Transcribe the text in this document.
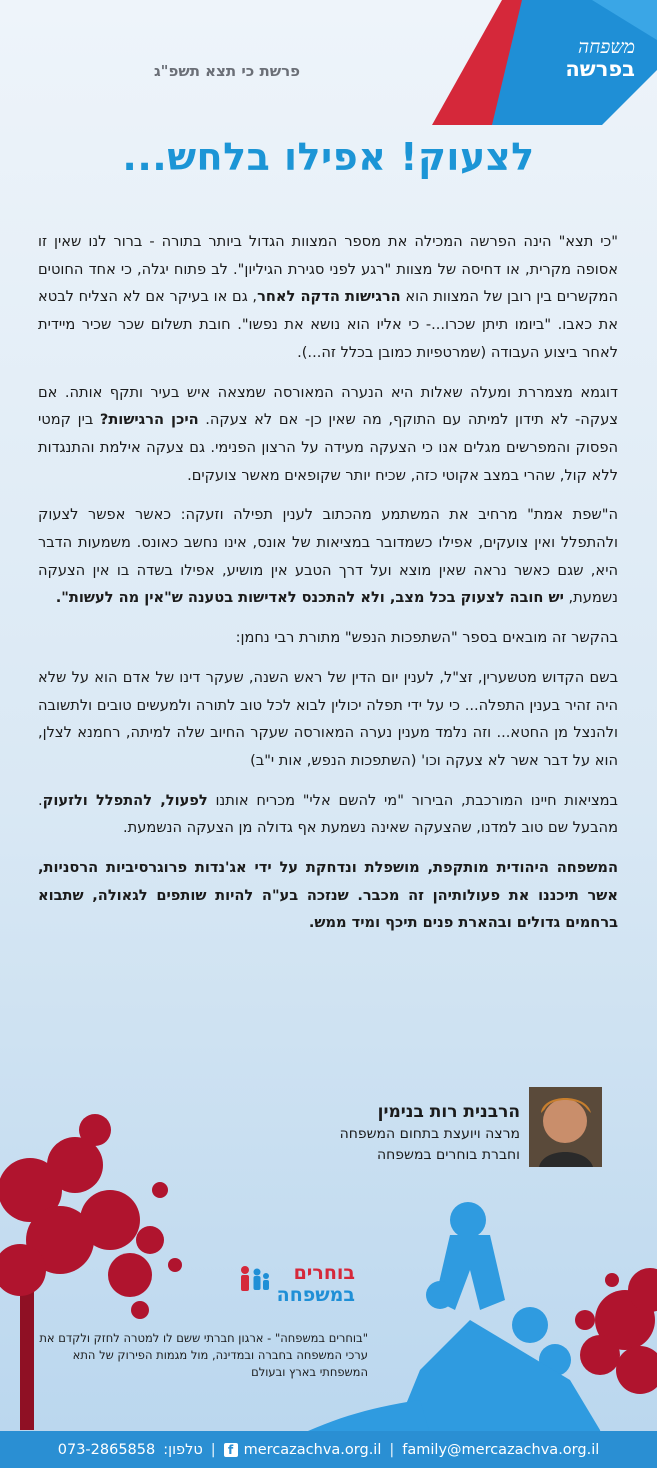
משפחה
בפרשה
פרשת כי תצא תשפ"ג
לצעוק! אפילו בלחש...

"כי תצא" הינה הפרשה המכילה את מספר המצוות הגדול ביותר בתורה - ברור לנו שאין זו אסופה מקרית, או דחיסה של מצוות "רגע לפני סגירת הגיליון". לב פתוח יגלה, כי אחד החוטים המקשרים בין רובן של המצוות הוא הרגישות הדקה לאחר, גם או בעיקר אם לא הצליח לבטא את כאבו. "ביומו תיתן שכרו...- כי אליו הוא נושא את נפשו". חובת תשלום שכר שכיר מיידית לאחר ביצוע העבודה (שמרטפיות כמובן בכלל זה...).

דוגמא מצמררת ומעלה שאלות היא הנערה המאורסה שמצאה איש בעיר ותקף אותה. אם צעקה- לא תידון למיתה עם התוקף, מה שאין כן- אם לא צעקה. היכן הרגישות? בין קמטי הפסוק והמפרשים מגלים אנו כי הצעקה מעידה על הרצון הפנימי. גם צעקה אילמת והתנגדות ללא קול, שהרי במצב אקוטי כזה, שכיח יותר שקופאים מאשר צועקים.

ה"שפת אמת" מרחיב את המשתמע מהכתוב לענין תפילה וזעקה: כאשר אפשר לצעוק ולהתפלל ואין צועקים, אפילו כשמדובר במציאות של אונס, אינו נחשב כאונס. משמעות הדבר היא, שגם כאשר נראה שאין מוצא ועל דרך הטבע אין מושיע, אפילו בשדה בו אין הצעקה נשמעת, יש חובה לצעוק בכל מצב, ולא להתכנס לאדישות בטענה ש"אין מה לעשות".

בהקשר זה מובאים בספר "השתפכות הנפש" מתורת רבי נחמן:

בשם הקדוש מטשערין, זצ"ל, לענין יום הדין של ראש השנה, שעקר דינו של אדם הוא על שלא היה זהיר בענין התפלה... כי על ידי תפלה יכולין לבוא לכל טוב לתורה ולמעשים טובים ולתשובה ולהנצל מן החטא... וזה נלמד מענין נערה המאורסה שעקר החיוב שלה למיתה, רחמנא לצלן, הוא על דבר אשר לא צעקה וכו' (השתפכות הנפש, אות י"ב)

במציאות חיינו המורכבת, הבירור "מי להשם אלי" מכריח אותנו לפעול, להתפלל ולזעוק. מהבעל שם טוב למדנו, שהצעקה שאינה נשמעת אף גדולה מן הצעקה הנשמעת.

המשפחה היהודית מותקפת, מושפלת ונדחקת על ידי אג'נדות פרוגרסיביות הרסניות, אשר תיכננו את פעולותיהן זה מכבר. שנזכה בע"ה להיות שותפים לגאולה, שתבוא ברחמים גדולים ובהארת פנים תיכף ומיד ממש.

הרבנית רות בנימין
מרצה ויועצת בתחום המשפחה
וחברת בוחרים במשפחה
בוחרים
במשפחה
"בוחרים במשפחה" - ארגון חברתי ששם לו למטרה לחזק ולקדם את ערכי המשפחה בחברה ובמדינה, מול מגמות הפירוק של התא המשפחתי בארץ ובעולם
family@mercazachva.org.il
|
f mercazachva.org.il
|
טלפון:
073-2865858
